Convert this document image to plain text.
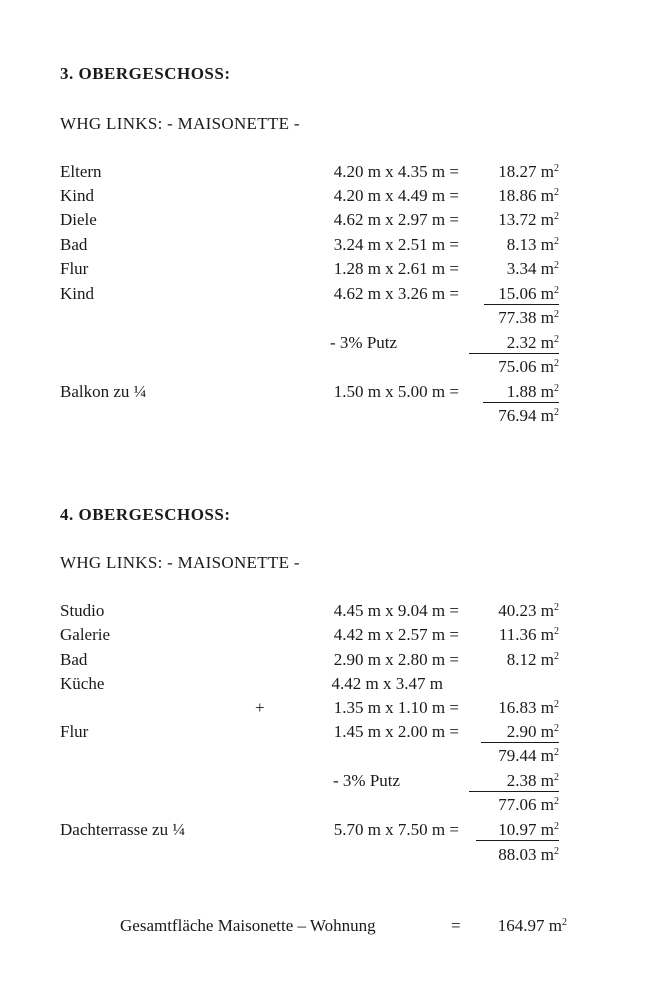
3. OBERGESCHOSS:
WHG LINKS: - MAISONETTE -
Eltern	4.20 m x 4.35 m = 18.27 $m^2$
Kind	4.20 m x 4.49 m = 18.86 $m^2$
Diele	4.62 m x 2.97 m = 13.72 $m^2$
Bad	3.24 m x 2.51 m =	8.13 $m^2$
Flur	1.28 m x 2.61 m =	3.34 $m^2$
Kind	4.62 m x 3.26 m =	15.06 $m^2$
77.38 $m^2$
- 3% Putz	2.32 $m^2$
75.06 $m^2$
Balkon zu ¼	1.50 m x 5.00 m =	1.88 $m^2$
76.94 $m^2$
4. OBERGESCHOSS:
WHG LINKS: - MAISONETTE -
Studio	4.45 m x 9.04 m = 40.23 $m^2$
Galerie	4.42 m x 2.57 m = 11.36 $m^2$
Bad	2.90 m x 2.80 m =	8.12 $m^2$
Küche	4.42 m x 3.47 m
+	1.35 m x 1.10 m = 16.83 $m^2$
Flur	1.45 m x 2.00 m =	2.90 $m^2$
79.44 $m^2$
- 3% Putz	2.38 $m^2$
77.06 $m^2$
Dachterrasse zu ¼	5.70 m x 7.50 m =	10.97 $m^2$
88.03 $m^2$
Gesamtfläche Maisonette – Wohnung	= 164.97 $m^2$
